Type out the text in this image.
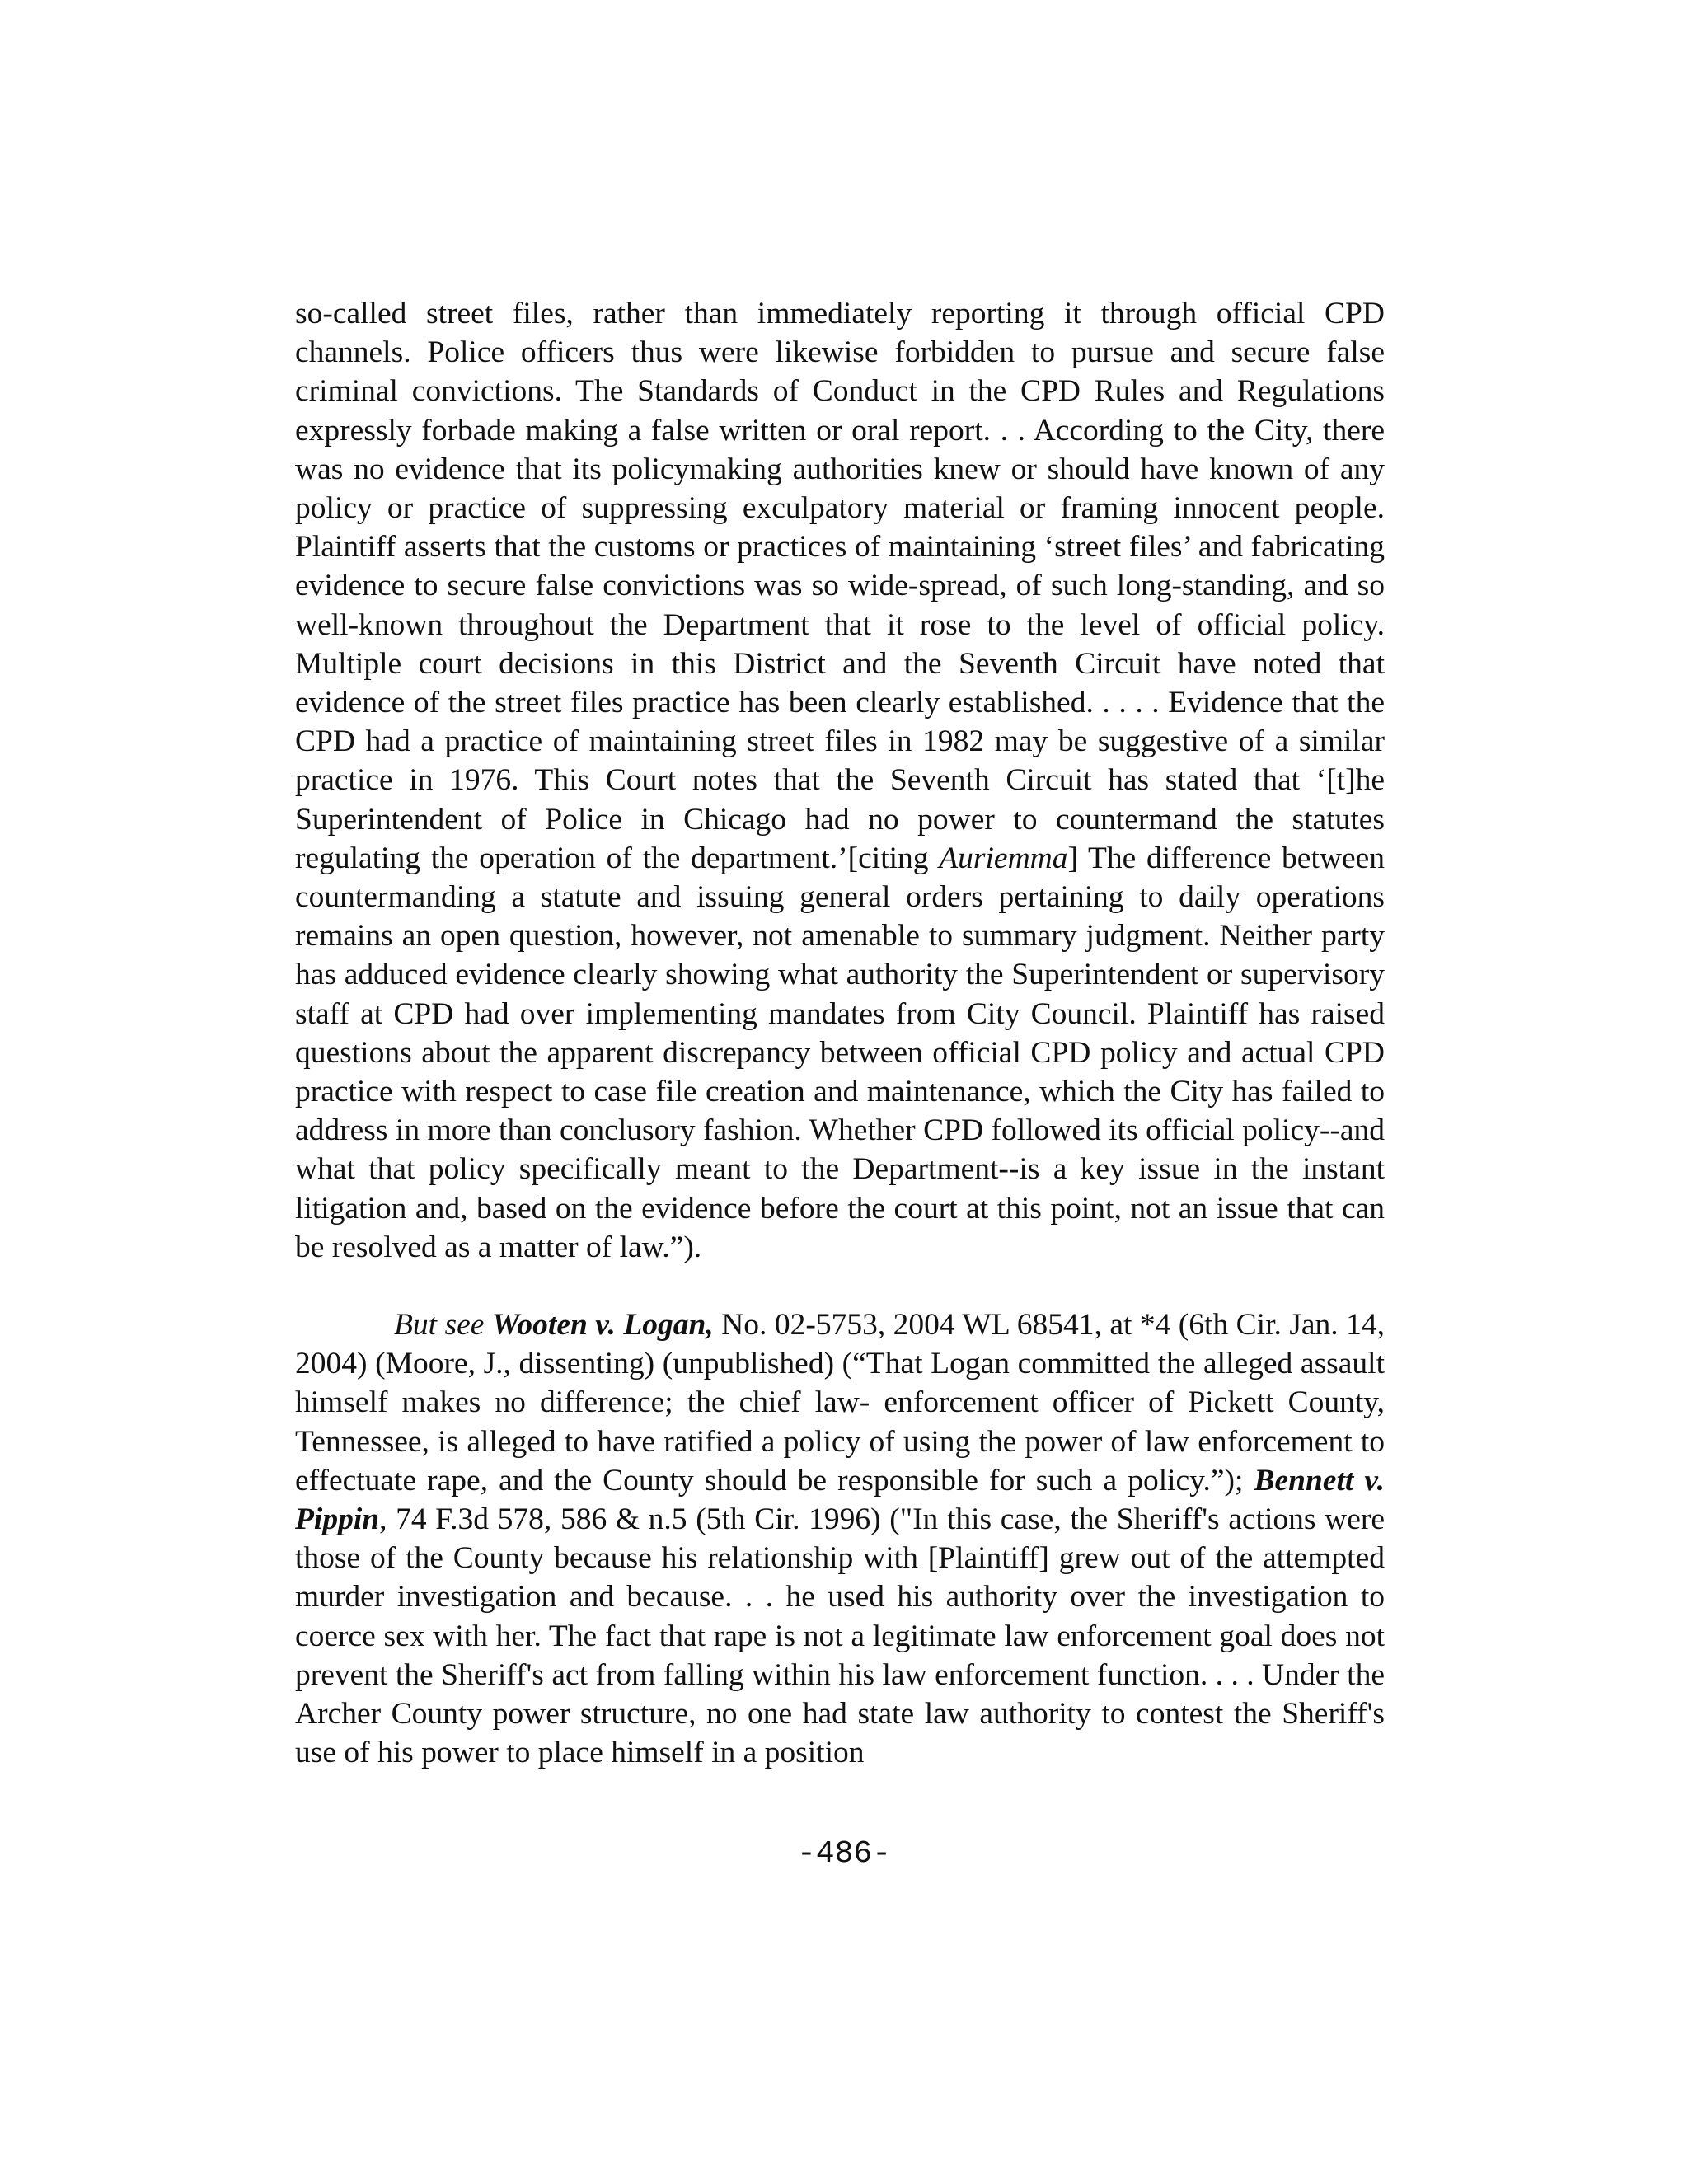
so-called street files, rather than immediately reporting it through official CPD channels. Police officers thus were likewise forbidden to pursue and secure false criminal convictions. The Standards of Conduct in the CPD Rules and Regulations expressly forbade making a false written or oral report. . . According to the City, there was no evidence that its policymaking authorities knew or should have known of any policy or practice of suppressing exculpatory material or framing innocent people. Plaintiff asserts that the customs or practices of maintaining ‘street files’ and fabricating evidence to secure false convictions was so wide-spread, of such long-standing, and so well-known throughout the Department that it rose to the level of official policy. Multiple court decisions in this District and the Seventh Circuit have noted that evidence of the street files practice has been clearly established. . . . . Evidence that the CPD had a practice of maintaining street files in 1982 may be suggestive of a similar practice in 1976. This Court notes that the Seventh Circuit has stated that ‘[t]he Superintendent of Police in Chicago had no power to countermand the statutes regulating the operation of the department.’[citing Auriemma] The difference between countermanding a statute and issuing general orders pertaining to daily operations remains an open question, however, not amenable to summary judgment. Neither party has adduced evidence clearly showing what authority the Superintendent or supervisory staff at CPD had over implementing mandates from City Council. Plaintiff has raised questions about the apparent discrepancy between official CPD policy and actual CPD practice with respect to case file creation and maintenance, which the City has failed to address in more than conclusory fashion. Whether CPD followed its official policy--and what that policy specifically meant to the Department--is a key issue in the instant litigation and, based on the evidence before the court at this point, not an issue that can be resolved as a matter of law.”).

But see Wooten v. Logan, No. 02-5753, 2004 WL 68541, at *4 (6th Cir. Jan. 14, 2004) (Moore, J., dissenting) (unpublished) (“That Logan committed the alleged assault himself makes no difference; the chief law- enforcement officer of Pickett County, Tennessee, is alleged to have ratified a policy of using the power of law enforcement to effectuate rape, and the County should be responsible for such a policy.”); Bennett v. Pippin, 74 F.3d 578, 586 & n.5 (5th Cir. 1996) ("In this case, the Sheriff's actions were those of the County because his relationship with [Plaintiff] grew out of the attempted murder investigation and because. . . he used his authority over the investigation to coerce sex with her. The fact that rape is not a legitimate law enforcement goal does not prevent the Sheriff's act from falling within his law enforcement function. . . . Under the Archer County power structure, no one had state law authority to contest the Sheriff's use of his power to place himself in a position

-486-
